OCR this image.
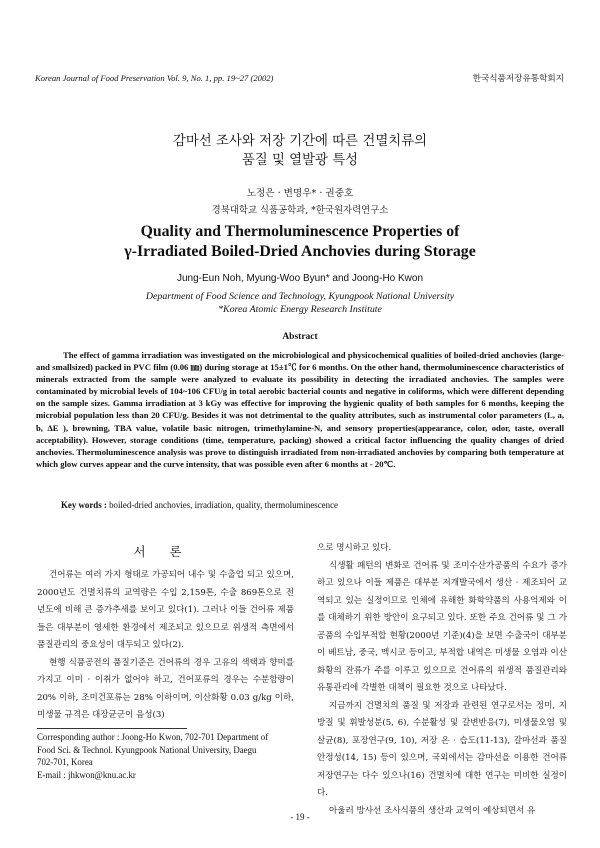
Korean Journal of Food Preservation Vol. 9, No. 1, pp. 19~27 (2002)	한국식품저장유통학회지
감마선 조사와 저장 기간에 따른 건멸치류의
품질 및 열발광 특성
노정은 · 변명우* · 권중호
경북대학교 식품공학과, *한국원자력연구소
Quality and Thermoluminescence Properties of
γ-Irradiated Boiled-Dried Anchovies during Storage
Jung-Eun Noh, Myung-Woo Byun* and Joong-Ho Kwon
Department of Food Science and Technology, Kyungpook National University
*Korea Atomic Energy Research Institute
Abstract

The effect of gamma irradiation was investigated on the microbiological and physicochemical qualities of boiled-dried anchovies (large- and smallsized) packed in PVC film (0.06 ㎜) during storage at 15±1℃ for 6 months. On the other hand, thermoluminescence characteristics of minerals extracted from the sample were analyzed to evaluate its possibility in detecting the irradiated anchovies. The samples were contaminated by microbial levels of 104~106 CFU/g in total aerobic bacterial counts and negative in coliforms, which were different depending on the sample sizes. Gamma irradiation at 3 kGy was effective for improving the hygienic quality of both samples for 6 months, keeping the microbial population less than 20 CFU/g. Besides it was not detrimental to the quality attributes, such as instrumental color parameters (L, a, b, ΔE ), browning, TBA value, volatile basic nitrogen, trimethylamine-N, and sensory properties(appearance, color, odor, taste, overall acceptability). However, storage conditions (time, temperature, packing) showed a critical factor influencing the quality changes of dried anchovies. Thermoluminescence analysis was prove to distinguish irradiated from non-irradiated anchovies by comparing both temperature at which glow curves appear and the curve intensity, that was possible even after 6 months at - 20℃.

Key words : boiled-dried anchovies, irradiation, quality, thermoluminescence
서 론

건어류는 여러 가지 형태로 가공되어 내수 및 수출업 되고 있으며, 2000년도 건멸치류의 교역량은 수입 2,159톤, 수출 869톤으로 전년도에 비해 큰 증가추세를 보이고 있다(1). 그러나 이들 건어류 제품들은 대부분이 영세한 환경에서 제조되고 있으므로 위생적 측면에서 품질관리의 중요성이 대두되고 있다(2).

현행 식품공전의 품질기준은 건어류의 경우 고유의 색택과 향미를 가지고 이미 · 이취가 없어야 하고, 건어포류의 경우는 수분함량이 20% 이하, 조미건포류는 28% 이하이며, 이산화황 0.03 g/kg 이하, 미생물 규격은 대장균군이 음성(3)

Corresponding author : Joong-Ho Kwon, 702-701 Department of
Food Sci. & Technol. Kyungpook National University, Daegu
702-701, Korea
E-mail : jhkwon@knu.ac.kr

으로 명시하고 있다.

식생활 패턴의 변화로 건어류 및 조미수산가공품의 수요가 증가하고 있으나 이들 제품은 대부분 저개발국에서 생산 · 제조되어 교역되고 있는 실정이므로 인체에 유해한 화학약품의 사용억제와 이를 대체하기 위한 방안이 요구되고 있다. 또한 주요 건어류 및 그 가공품의 수입부적합 현황(2000년 기준)(4)을 보면 수출국이 대부분이 베트남, 중국, 멕시코 등이고, 부적합 내역은 미생물 오염과 이산화황의 잔류가 주를 이루고 있으므로 건어류의 위생적 품질관리와 유통관리에 각별한 대책이 필요한 것으로 나타났다.

지금까지 건멸치의 품질 및 저장과 관련된 연구로서는 정미, 지방질 및 휘발성분(5, 6), 수분활성 및 갈변반응(7), 미생물오염 및 살균(8), 포장연구(9, 10), 저장 온 · 습도(11-13), 갈마선과 품질안정성(14, 15) 등이 있으며, 국외에서는 감마선을 이용한 건어류 저장연구는 다수 있으나(16) 건멸치에 대한 연구는 미비한 실정이다.

아울러 방사선 조사식품의 생산과 교역이 예상되면서 유

- 19 -
